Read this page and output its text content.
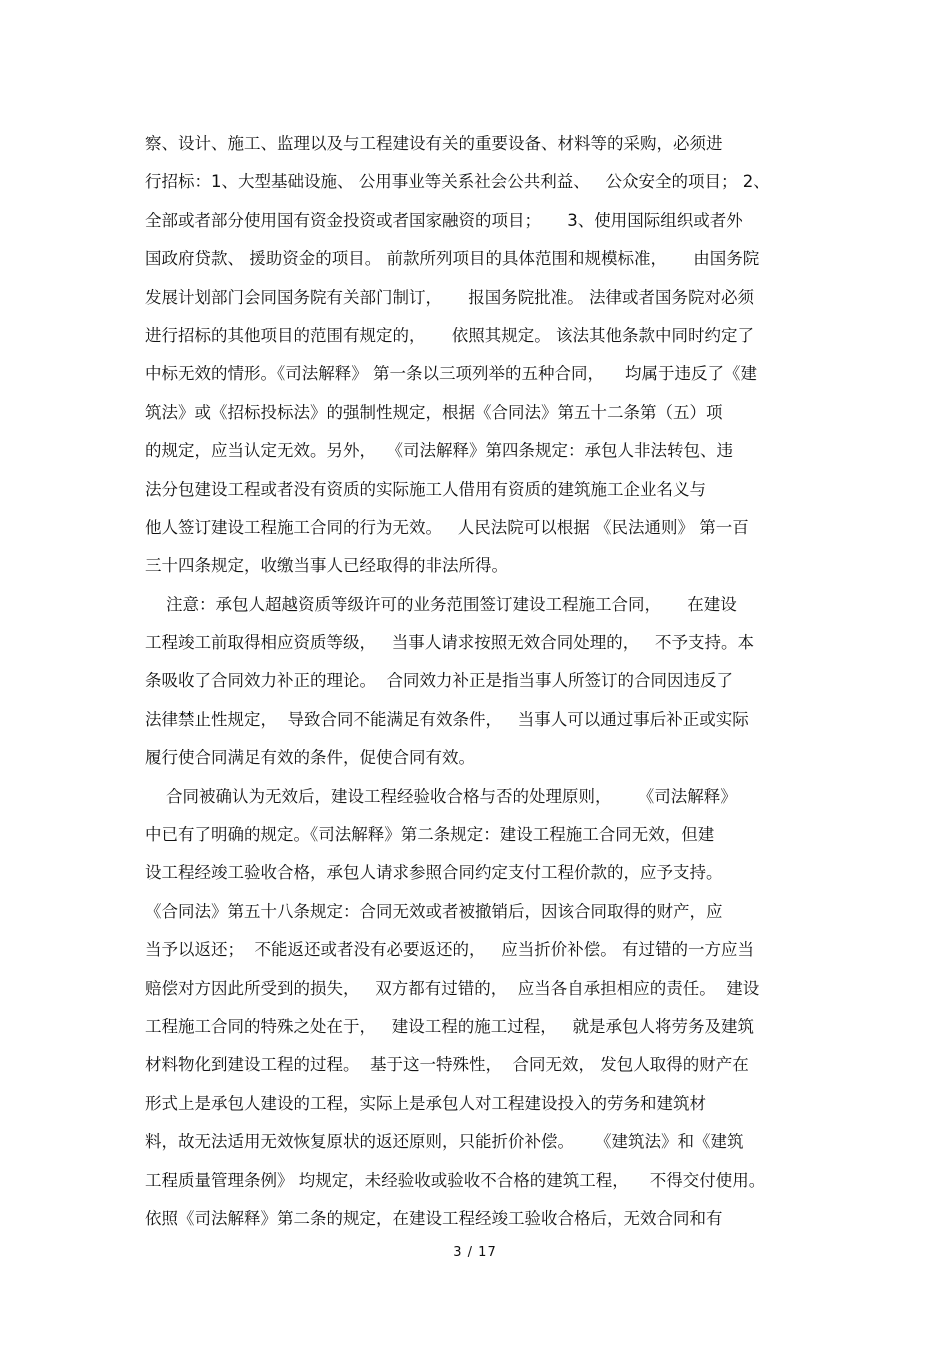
察、设计、施工、监理以及与工程建设有关的重要设备、材料等的采购，必须进
行招标：1、大型基础设施、 公用事业等关系社会公共利益、   公众安全的项目； 2、
全部或者部分使用国有资金投资或者国家融资的项目；     3、使用国际组织或者外
国政府贷款、 援助资金的项目。 前款所列项目的具体范围和规模标准，     由国务院
发展计划部门会同国务院有关部门制订，     报国务院批准。 法律或者国务院对必须
进行招标的其他项目的范围有规定的，     依照其规定。 该法其他条款中同时约定了
中标无效的情形。《司法解释》 第一条以三项列举的五种合同，    均属于违反了《建
筑法》或《招标投标法》的强制性规定，根据《合同法》第五十二条第（五）项
的规定，应当认定无效。另外，  《司法解释》第四条规定：承包人非法转包、违
法分包建设工程或者没有资质的实际施工人借用有资质的建筑施工企业名义与
他人签订建设工程施工合同的行为无效。   人民法院可以根据 《民法通则》 第一百
三十四条规定，收缴当事人已经取得的非法所得。
注意：承包人超越资质等级许可的业务范围签订建设工程施工合同，     在建设
工程竣工前取得相应资质等级，   当事人请求按照无效合同处理的，   不予支持。本
条吸收了合同效力补正的理论。  合同效力补正是指当事人所签订的合同因违反了
法律禁止性规定，  导致合同不能满足有效条件，   当事人可以通过事后补正或实际
履行使合同满足有效的条件，促使合同有效。
合同被确认为无效后，建设工程经验收合格与否的处理原则，     《司法解释》
中已有了明确的规定。《司法解释》第二条规定：建设工程施工合同无效，但建
设工程经竣工验收合格，承包人请求参照合同约定支付工程价款的，应予支持。
《合同法》第五十八条规定：合同无效或者被撤销后，因该合同取得的财产，应
当予以返还；  不能返还或者没有必要返还的，   应当折价补偿。 有过错的一方应当
赔偿对方因此所受到的损失，   双方都有过错的，  应当各自承担相应的责任。  建设
工程施工合同的特殊之处在于，   建设工程的施工过程，   就是承包人将劳务及建筑
材料物化到建设工程的过程。  基于这一特殊性，  合同无效， 发包人取得的财产在
形式上是承包人建设的工程，实际上是承包人对工程建设投入的劳务和建筑材
料，故无法适用无效恢复原状的返还原则，只能折价补偿。    《建筑法》和《建筑
工程质量管理条例》 均规定，未经验收或验收不合格的建筑工程，    不得交付使用。
依照《司法解释》第二条的规定，在建设工程经竣工验收合格后，无效合同和有
3 / 17
